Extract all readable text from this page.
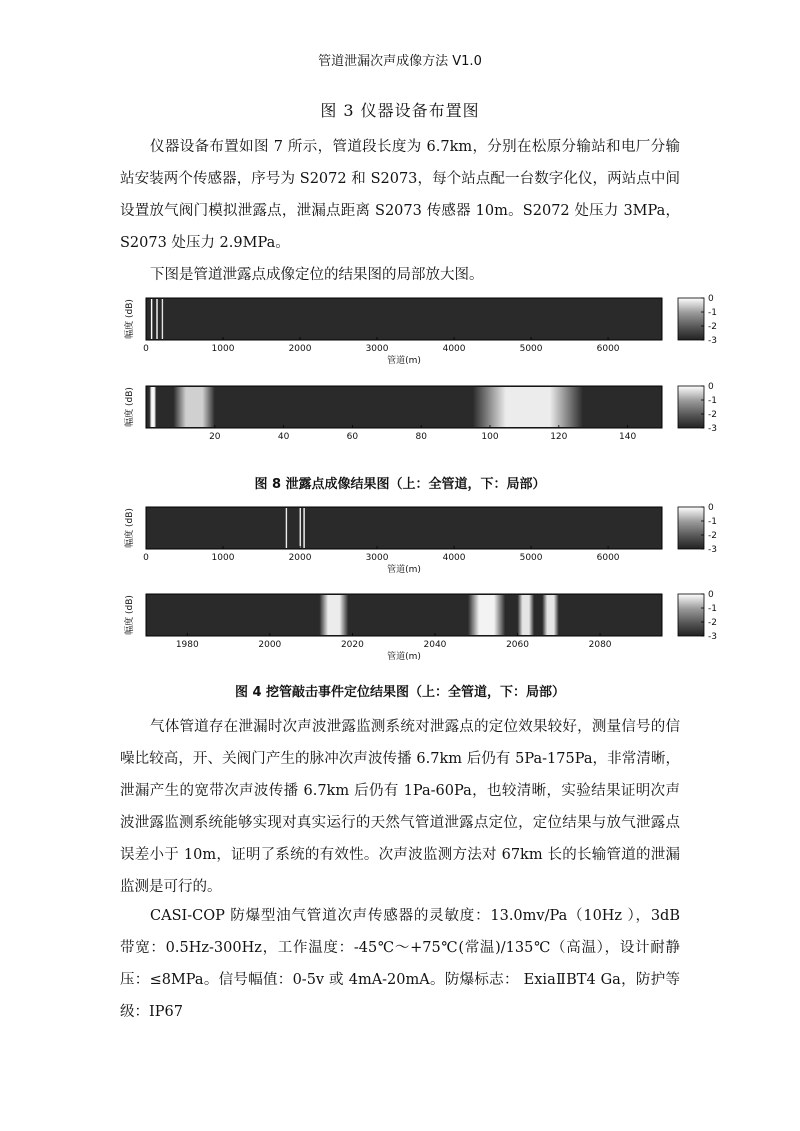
管道泄漏次声成像方法 V1.0
图 3 仪器设备布置图

仪器设备布置如图 7 所示，管道段长度为 6.7km，分别在松原分输站和电厂分输站安装两个传感器，序号为 S2072 和 S2073，每个站点配一台数字化仪，两站点中间设置放气阀门模拟泄露点，泄漏点距离 S2073 传感器 10m。S2072 处压力 3MPa，S2073 处压力 2.9MPa。

下图是管道泄露点成像定位的结果图的局部放大图。

0	1000	2000	3000	4000	5000	6000
管道(m)
幅度 (dB)
0
-1
-2
-3
20	40	60	80	100	120	140
幅度 (dB)
0
-1
-2
-3
图 8 泄露点成像结果图（上：全管道，下：局部）
0	1000	2000	3000	4000	5000	6000
管道(m)
幅度 (dB)
0
-1
-2
-3
1980	2000	2020	2040	2060	2080
管道(m)
幅度 (dB)
0
-1
-2
-3
图 4 挖管敲击事件定位结果图（上：全管道，下：局部）

气体管道存在泄漏时次声波泄露监测系统对泄露点的定位效果较好，测量信号的信噪比较高，开、关阀门产生的脉冲次声波传播 6.7km 后仍有 5Pa-175Pa，非常清晰，泄漏产生的宽带次声波传播 6.7km 后仍有 1Pa-60Pa，也较清晰，实验结果证明次声波泄露监测系统能够实现对真实运行的天然气管道泄露点定位，定位结果与放气泄露点误差小于 10m，证明了系统的有效性。次声波监测方法对 67km 长的长输管道的泄漏监测是可行的。

CASI-COP 防爆型油气管道次声传感器的灵敏度：13.0mv/Pa（10Hz ），3dB 带宽：0.5Hz-300Hz，工作温度：-45℃～+75℃(常温)/135℃（高温），设计耐静压：≤8MPa。信号幅值：0-5v 或 4mA-20mA。防爆标志： ExiaⅡBT4 Ga，防护等级：IP67
